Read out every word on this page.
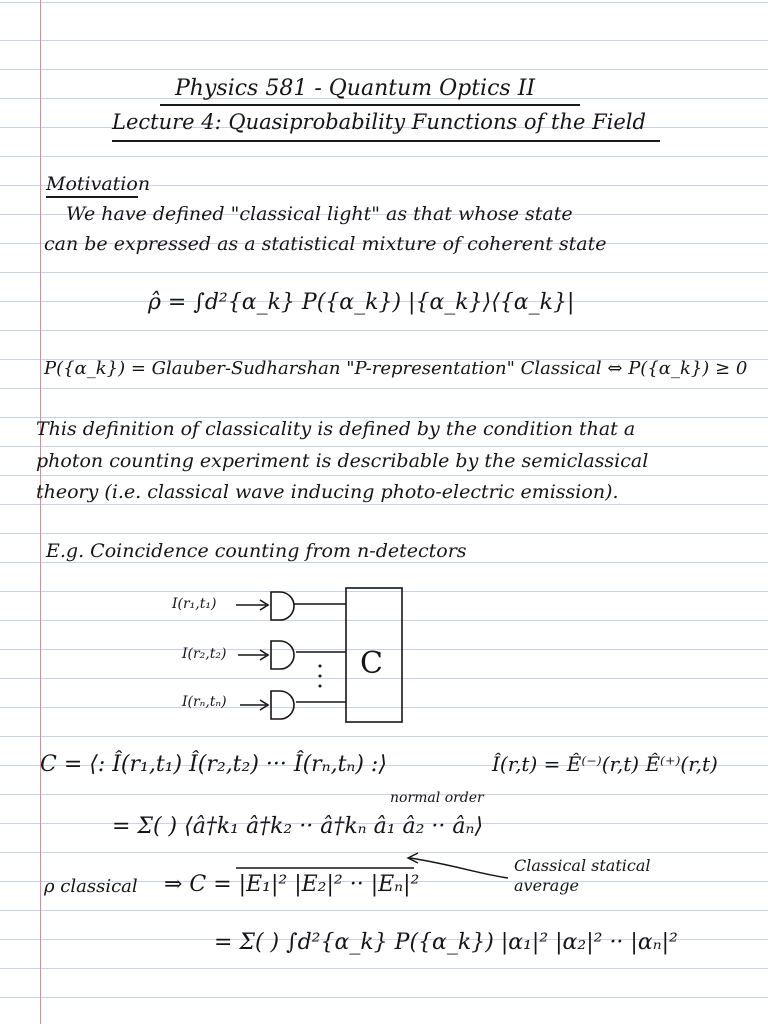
Physics 581 - Quantum Optics II
Lecture 4: Quasiprobability Functions of the Field
Motivation
We have defined "classical light" as that whose state
can be expressed as a statistical mixture of coherent state
ρ̂ = ∫d²{α_k} P({α_k}) |{α_k}⟩⟨{α_k}|
P({α_k}) = Glauber-Sudharshan "P-representation" Classical ⇔ P({α_k}) ≥ 0
This definition of classicality is defined by the condition that a
photon counting experiment is describable by the semiclassical
theory (i.e. classical wave inducing photo-electric emission).
E.g. Coincidence counting from n-detectors
I(r₁,t₁)
I(r₂,t₂)
I(rₙ,tₙ)
C
C = ⟨: Î(r₁,t₁) Î(r₂,t₂) ··· Î(rₙ,tₙ) :⟩
normal order
Î(r,t) = Ê⁽⁻⁾(r,t) Ê⁽⁺⁾(r,t)
= Σ( ) ⟨â†k₁ â†k₂ ·· â†kₙ â₁ â₂ ·· âₙ⟩
ρ classical ⇒ C = |E₁|² |E₂|² ·· |Eₙ|²
Classical statical average
= Σ( ) ∫d²{α_k} P({α_k}) |α₁|² |α₂|² ·· |αₙ|²
